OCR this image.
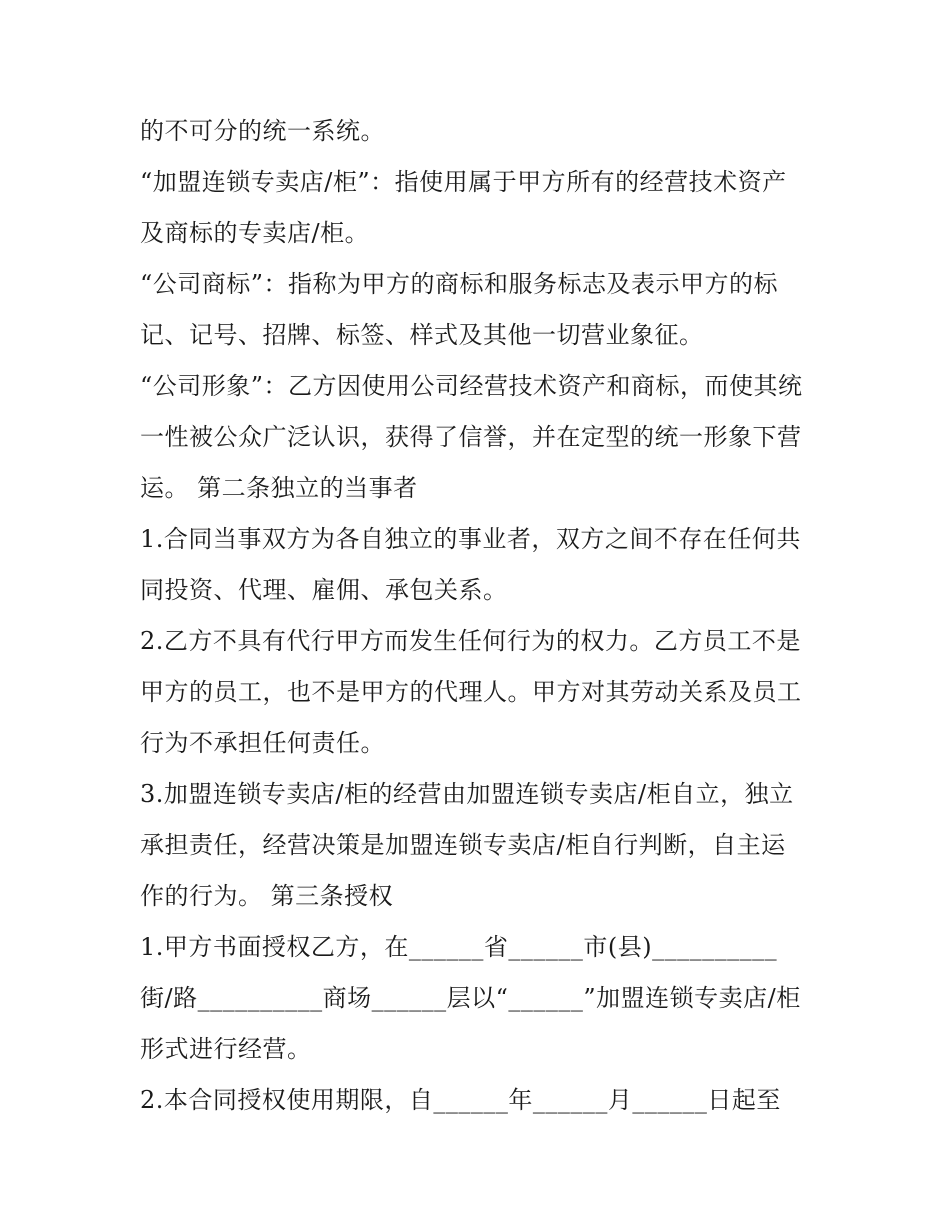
的不可分的统一系统。
“加盟连锁专卖店/柜”：指使用属于甲方所有的经营技术资产
及商标的专卖店/柜。
“公司商标”：指称为甲方的商标和服务标志及表示甲方的标
记、记号、招牌、标签、样式及其他一切营业象征。
“公司形象”：乙方因使用公司经营技术资产和商标，而使其统
一性被公众广泛认识，获得了信誉，并在定型的统一形象下营
运。 第二条独立的当事者
1.合同当事双方为各自独立的事业者，双方之间不存在任何共
同投资、代理、雇佣、承包关系。
2.乙方不具有代行甲方而发生任何行为的权力。乙方员工不是
甲方的员工，也不是甲方的代理人。甲方对其劳动关系及员工
行为不承担任何责任。
3.加盟连锁专卖店/柜的经营由加盟连锁专卖店/柜自立，独立
承担责任，经营决策是加盟连锁专卖店/柜自行判断，自主运
作的行为。 第三条授权
1.甲方书面授权乙方，在______省______市(县)__________
街/路__________商场______层以“______”加盟连锁专卖店/柜
形式进行经营。
2.本合同授权使用期限，自______年______月______日起至
